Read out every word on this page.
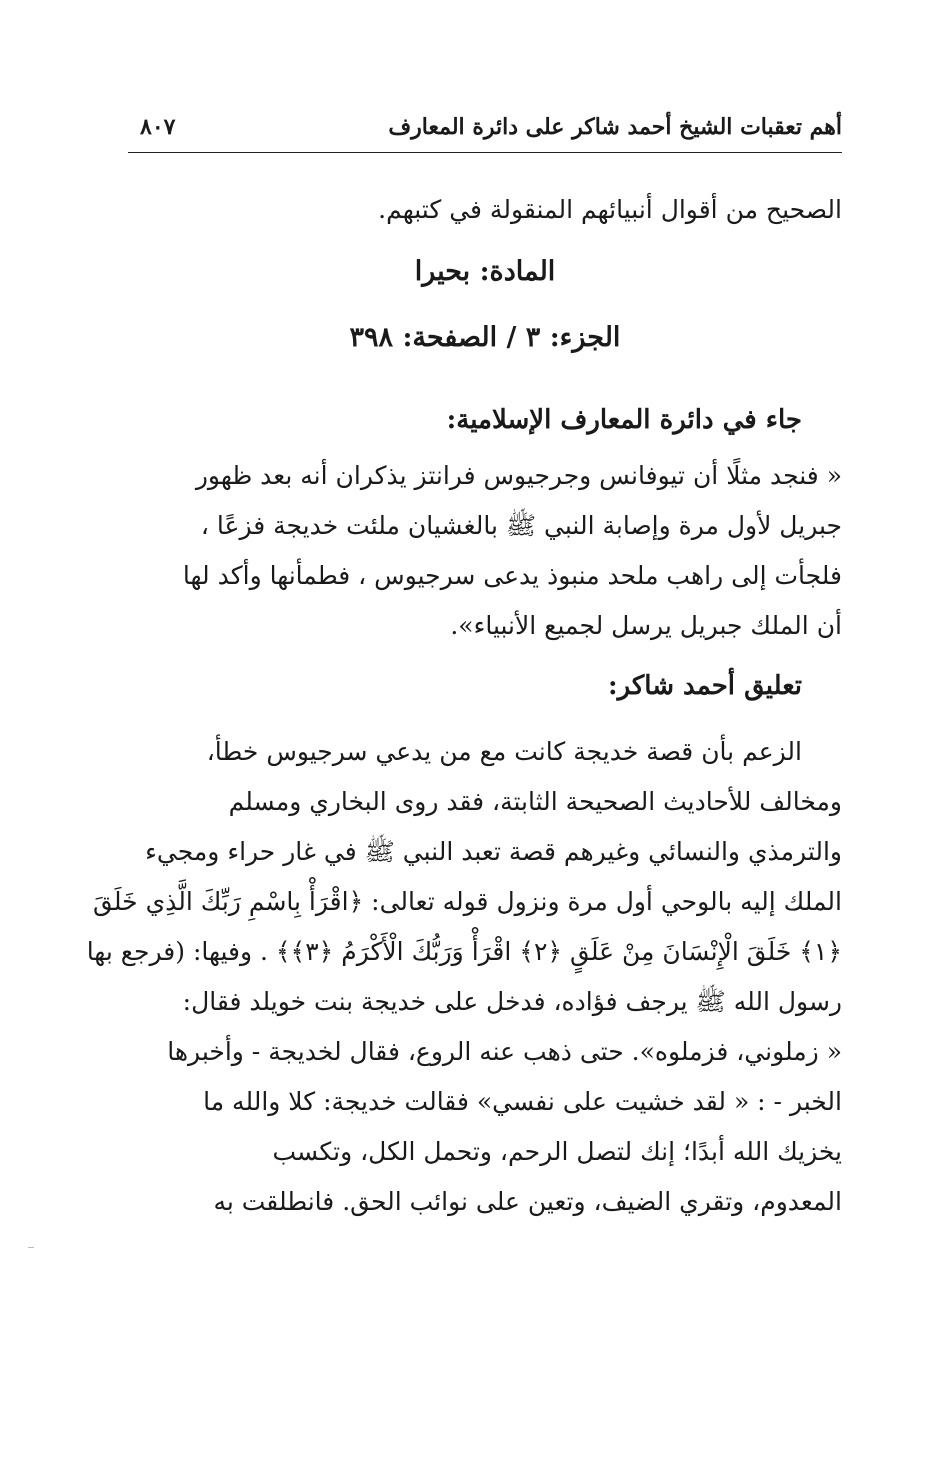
أهم تعقبات الشيخ أحمد شاكر على دائرة المعارف
٨٠٧
الصحيح من أقوال أنبيائهم المنقولة في كتبهم.
المادة: بحيرا
الجزء: ٣ / الصفحة: ٣٩٨
جاء في دائرة المعارف الإسلامية:
« فنجد مثلًا أن تيوفانس وجرجيوس فرانتز يذكران أنه بعد ظهور
جبريل لأول مرة وإصابة النبي ﷺ بالغشيان ملئت خديجة فزعًا ،
فلجأت إلى راهب ملحد منبوذ يدعى سرجيوس ، فطمأنها وأكد لها
أن الملك جبريل يرسل لجميع الأنبياء».
تعليق أحمد شاكر:
الزعم بأن قصة خديجة كانت مع من يدعي سرجيوس خطأ،
ومخالف للأحاديث الصحيحة الثابتة، فقد روى البخاري ومسلم
والترمذي والنسائي وغيرهم قصة تعبد النبي ﷺ في غار حراء ومجيء
الملك إليه بالوحي أول مرة ونزول قوله تعالى: ﴿اقْرَأْ بِاسْمِ رَبِّكَ الَّذِي خَلَقَ
﴿١﴾ خَلَقَ الْإِنْسَانَ مِنْ عَلَقٍ ﴿٢﴾ اقْرَأْ وَرَبُّكَ الْأَكْرَمُ ﴿٣﴾﴾ . وفيها: (فرجع بها
رسول الله ﷺ يرجف فؤاده، فدخل على خديجة بنت خويلد فقال:
« زملوني، فزملوه». حتى ذهب عنه الروع، فقال لخديجة - وأخبرها
الخبر - : « لقد خشيت على نفسي» فقالت خديجة: كلا والله ما
يخزيك الله أبدًا؛ إنك لتصل الرحم، وتحمل الكل، وتكسب
المعدوم، وتقري الضيف، وتعين على نوائب الحق. فانطلقت به
